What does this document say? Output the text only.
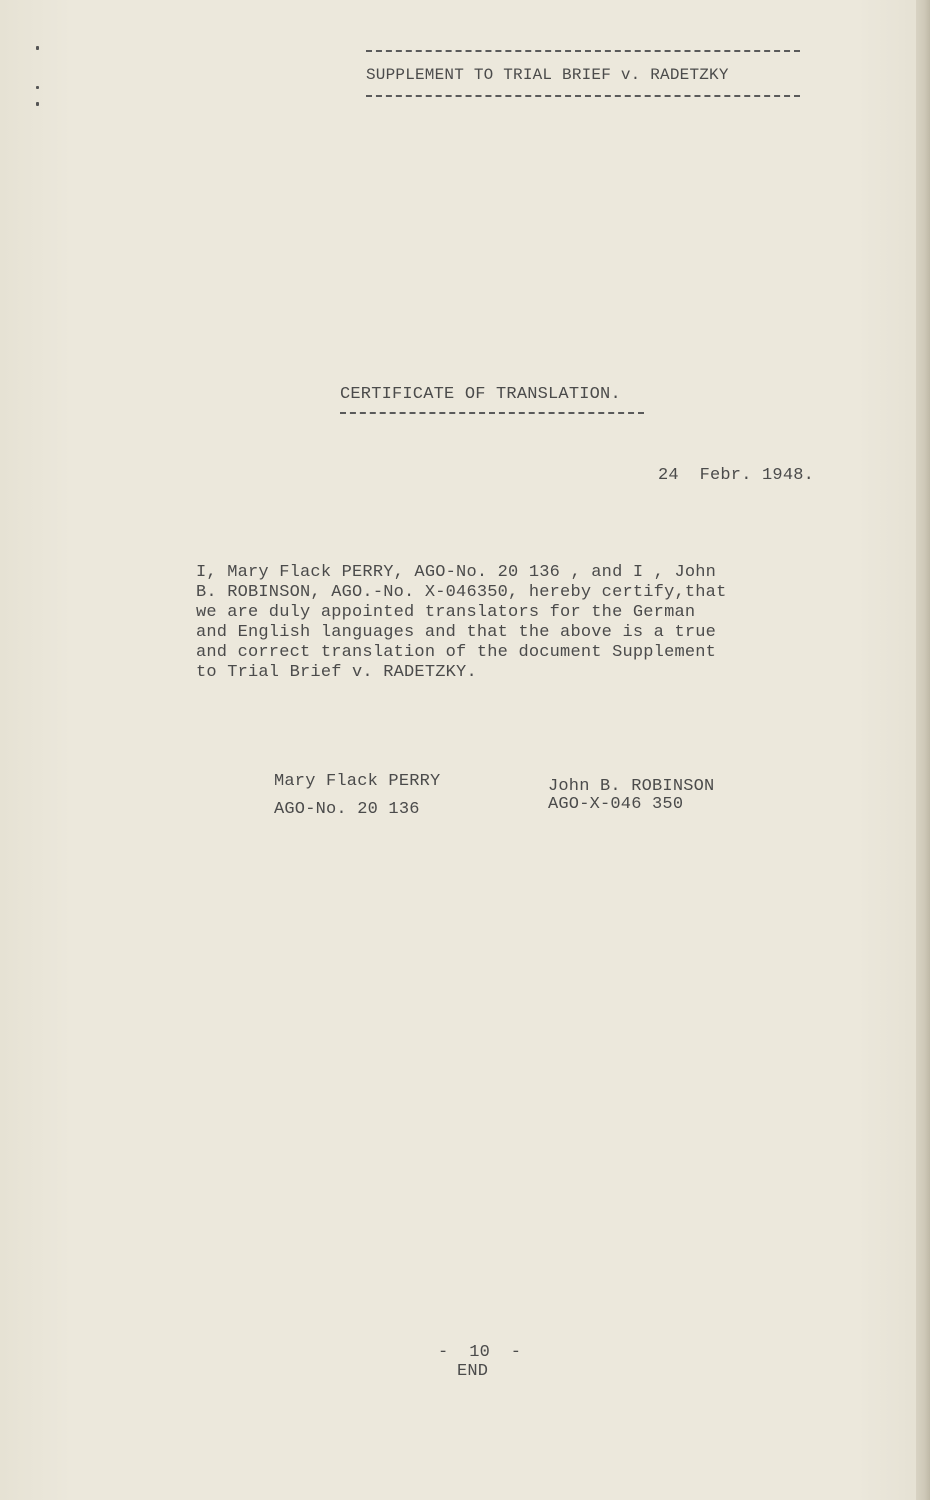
SUPPLEMENT TO TRIAL BRIEF v. RADETZKY
CERTIFICATE OF TRANSLATION.
24  Febr. 1948.
I, Mary Flack PERRY, AGO-No. 20 136 , and I , John
B. ROBINSON, AGO.-No. X-046350, hereby certify,that
we are duly appointed translators for the German
and English languages and that the above is a true
and correct translation of the document Supplement
to Trial Brief v. RADETZKY.
Mary Flack PERRY
AGO-No. 20 136
John B. ROBINSON
AGO-X-046 350
-  10  -
END
